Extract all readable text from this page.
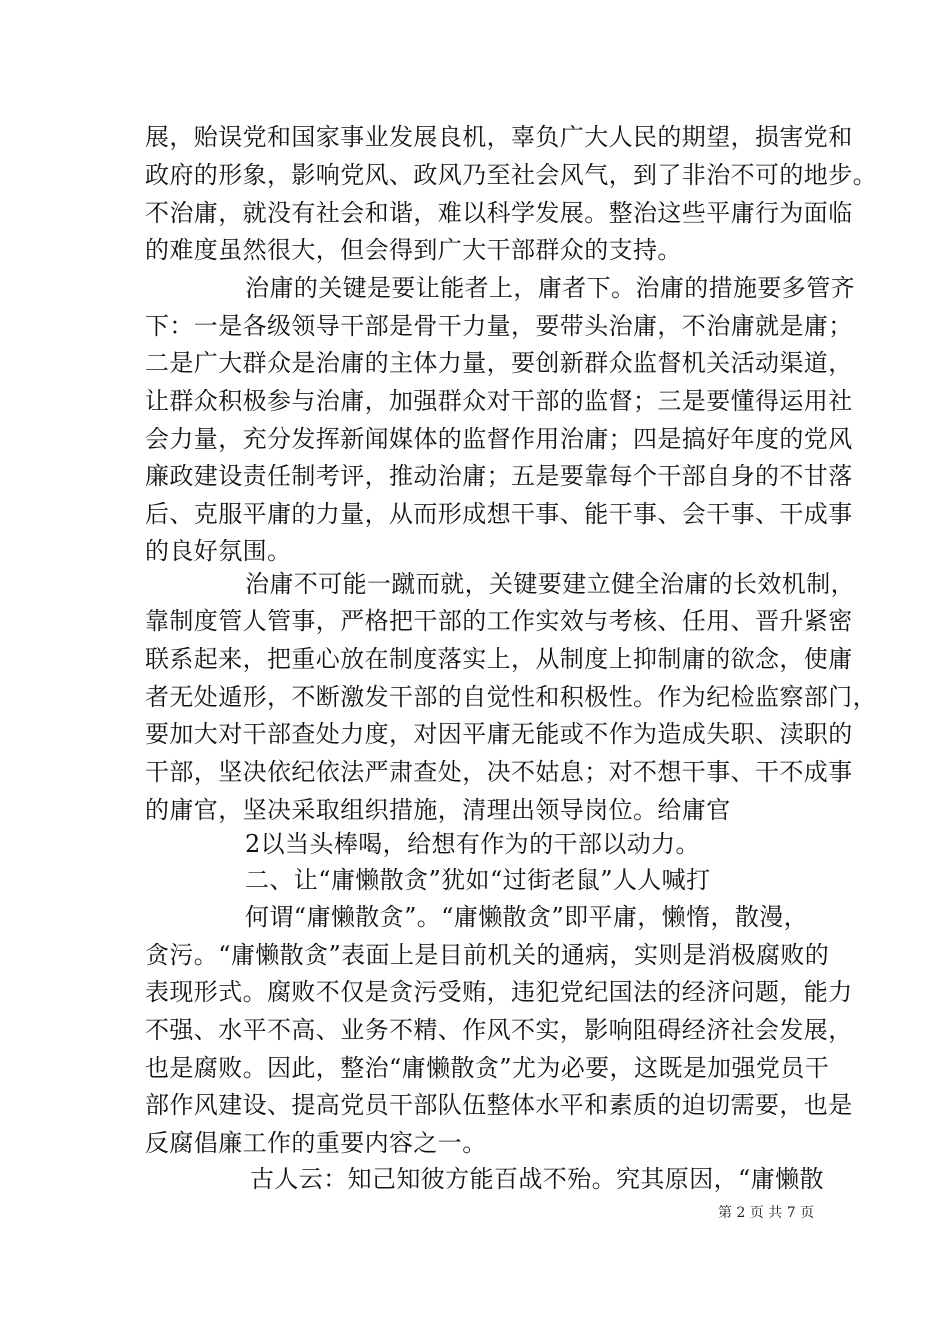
展，贻误党和国家事业发展良机，辜负广大人民的期望，损害党和
政府的形象，影响党风、政风乃至社会风气，到了非治不可的地步。
不治庸，就没有社会和谐，难以科学发展。整治这些平庸行为面临
的难度虽然很大，但会得到广大干部群众的支持。
治庸的关键是要让能者上，庸者下。治庸的措施要多管齐
下：一是各级领导干部是骨干力量，要带头治庸，不治庸就是庸；
二是广大群众是治庸的主体力量，要创新群众监督机关活动渠道，
让群众积极参与治庸，加强群众对干部的监督；三是要懂得运用社
会力量，充分发挥新闻媒体的监督作用治庸；四是搞好年度的党风
廉政建设责任制考评，推动治庸；五是要靠每个干部自身的不甘落
后、克服平庸的力量，从而形成想干事、能干事、会干事、干成事
的良好氛围。
治庸不可能一蹴而就，关键要建立健全治庸的长效机制，
靠制度管人管事，严格把干部的工作实效与考核、任用、晋升紧密
联系起来，把重心放在制度落实上，从制度上抑制庸的欲念，使庸
者无处遁形，不断激发干部的自觉性和积极性。作为纪检监察部门，
要加大对干部查处力度，对因平庸无能或不作为造成失职、渎职的
干部，坚决依纪依法严肃查处，决不姑息；对不想干事、干不成事
的庸官，坚决采取组织措施，清理出领导岗位。给庸官
2以当头棒喝，给想有作为的干部以动力。
二、让“庸懒散贪”犹如“过街老鼠”人人喊打
何谓“庸懒散贪”。“庸懒散贪”即平庸，懒惰，散漫，
贪污。“庸懒散贪”表面上是目前机关的通病，实则是消极腐败的
表现形式。腐败不仅是贪污受贿，违犯党纪国法的经济问题，能力
不强、水平不高、业务不精、作风不实，影响阻碍经济社会发展，
也是腐败。因此，整治“庸懒散贪”尤为必要，这既是加强党员干
部作风建设、提高党员干部队伍整体水平和素质的迫切需要，也是
反腐倡廉工作的重要内容之一。
古人云：知己知彼方能百战不殆。究其原因，“庸懒散
第 2 页 共 7 页
